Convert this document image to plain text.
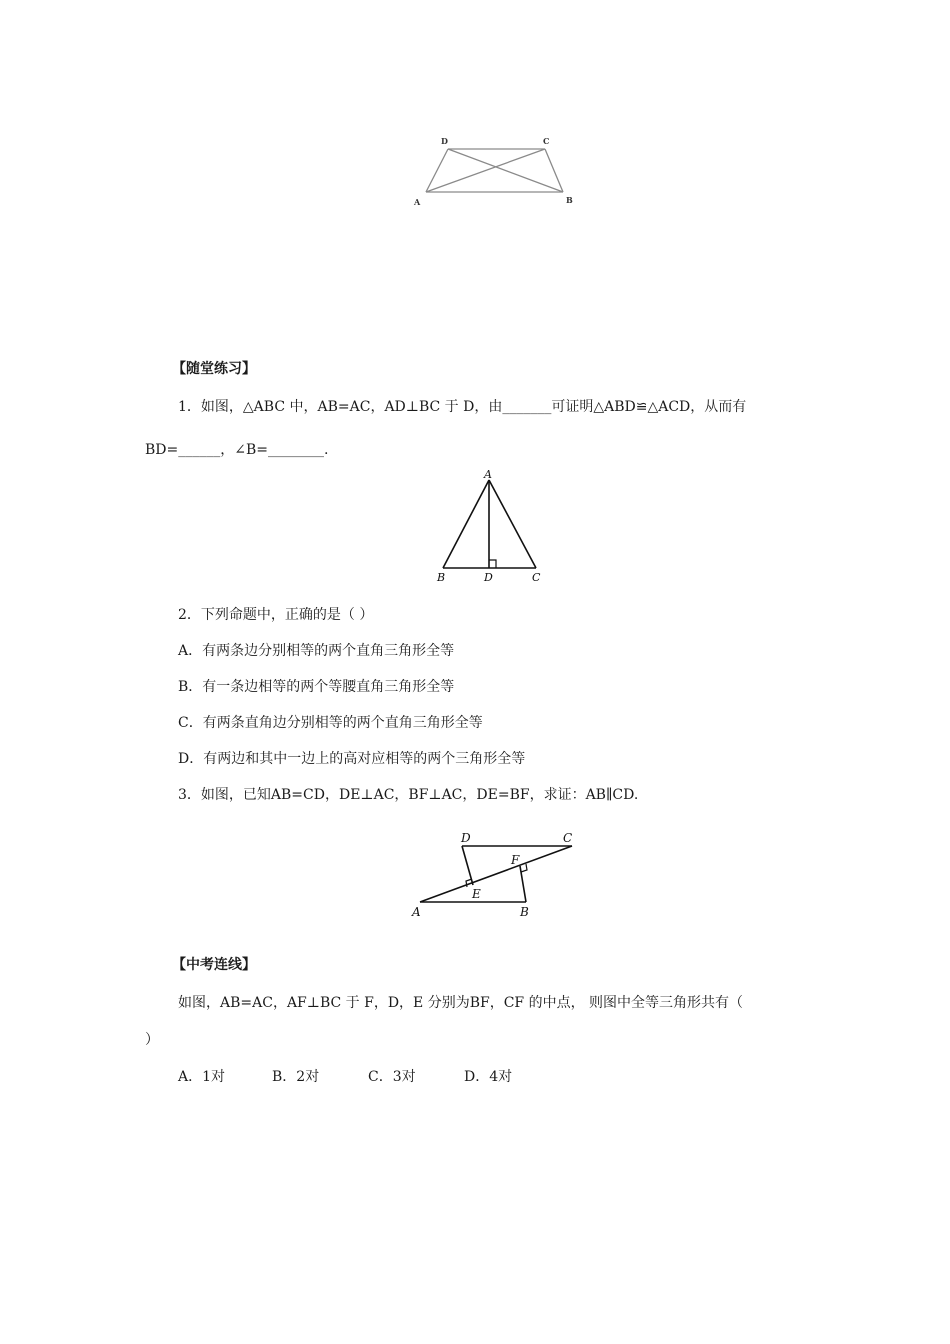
D	C
A	B
【随堂练习】
1．如图，△ABC 中，AB=AC，AD⊥BC 于 D，由_______可证明△ABD≌△ACD，从而有
BD=______，∠B=________.
A
B	D	C
2．下列命题中，正确的是（ ）
A．有两条边分别相等的两个直角三角形全等
B．有一条边相等的两个等腰直角三角形全等
C．有两条直角边分别相等的两个直角三角形全等
D．有两边和其中一边上的高对应相等的两个三角形全等
3．如图，已知AB=CD，DE⊥AC，BF⊥AC，DE=BF，求证：AB∥CD.
D	C
F
E
A	B
【中考连线】
如图，AB=AC，AF⊥BC 于 F，D，E 分别为BF，CF 的中点， 则图中全等三角形共有（
）
A．1对	B．2对	C．3对	D．4对
